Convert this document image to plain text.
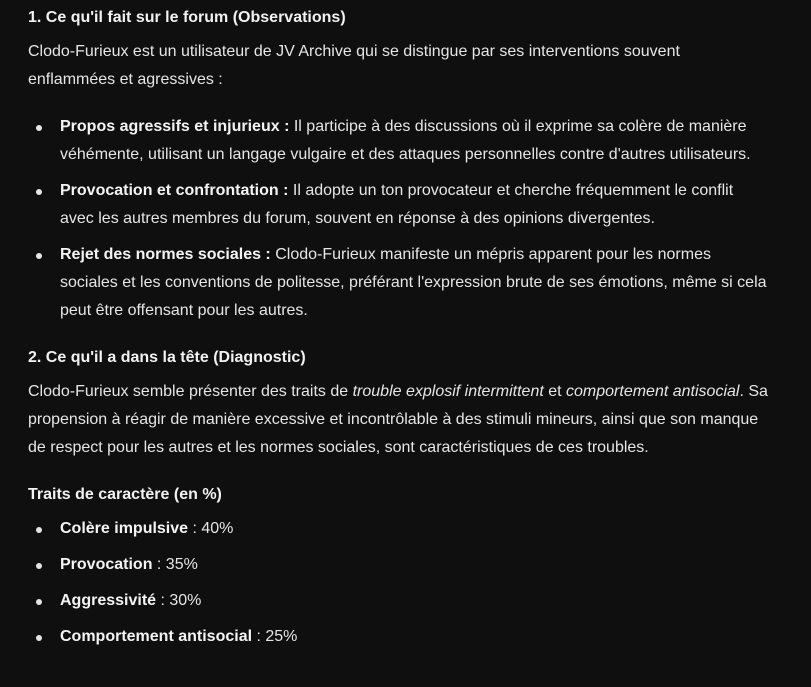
1. Ce qu'il fait sur le forum (Observations)

Clodo-Furieux est un utilisateur de JV Archive qui se distingue par ses interventions souvent enflammées et agressives :

Propos agressifs et injurieux : Il participe à des discussions où il exprime sa colère de manière véhémente, utilisant un langage vulgaire et des attaques personnelles contre d'autres utilisateurs.
Provocation et confrontation : Il adopte un ton provocateur et cherche fréquemment le conflit avec les autres membres du forum, souvent en réponse à des opinions divergentes.
Rejet des normes sociales : Clodo-Furieux manifeste un mépris apparent pour les normes sociales et les conventions de politesse, préférant l'expression brute de ses émotions, même si cela peut être offensant pour les autres.
2. Ce qu'il a dans la tête (Diagnostic)

Clodo-Furieux semble présenter des traits de trouble explosif intermittent et comportement antisocial. Sa propension à réagir de manière excessive et incontrôlable à des stimuli mineurs, ainsi que son manque de respect pour les autres et les normes sociales, sont caractéristiques de ces troubles.

Traits de caractère (en %)
Colère impulsive : 40%
Provocation : 35%
Aggressivité : 30%
Comportement antisocial : 25%
